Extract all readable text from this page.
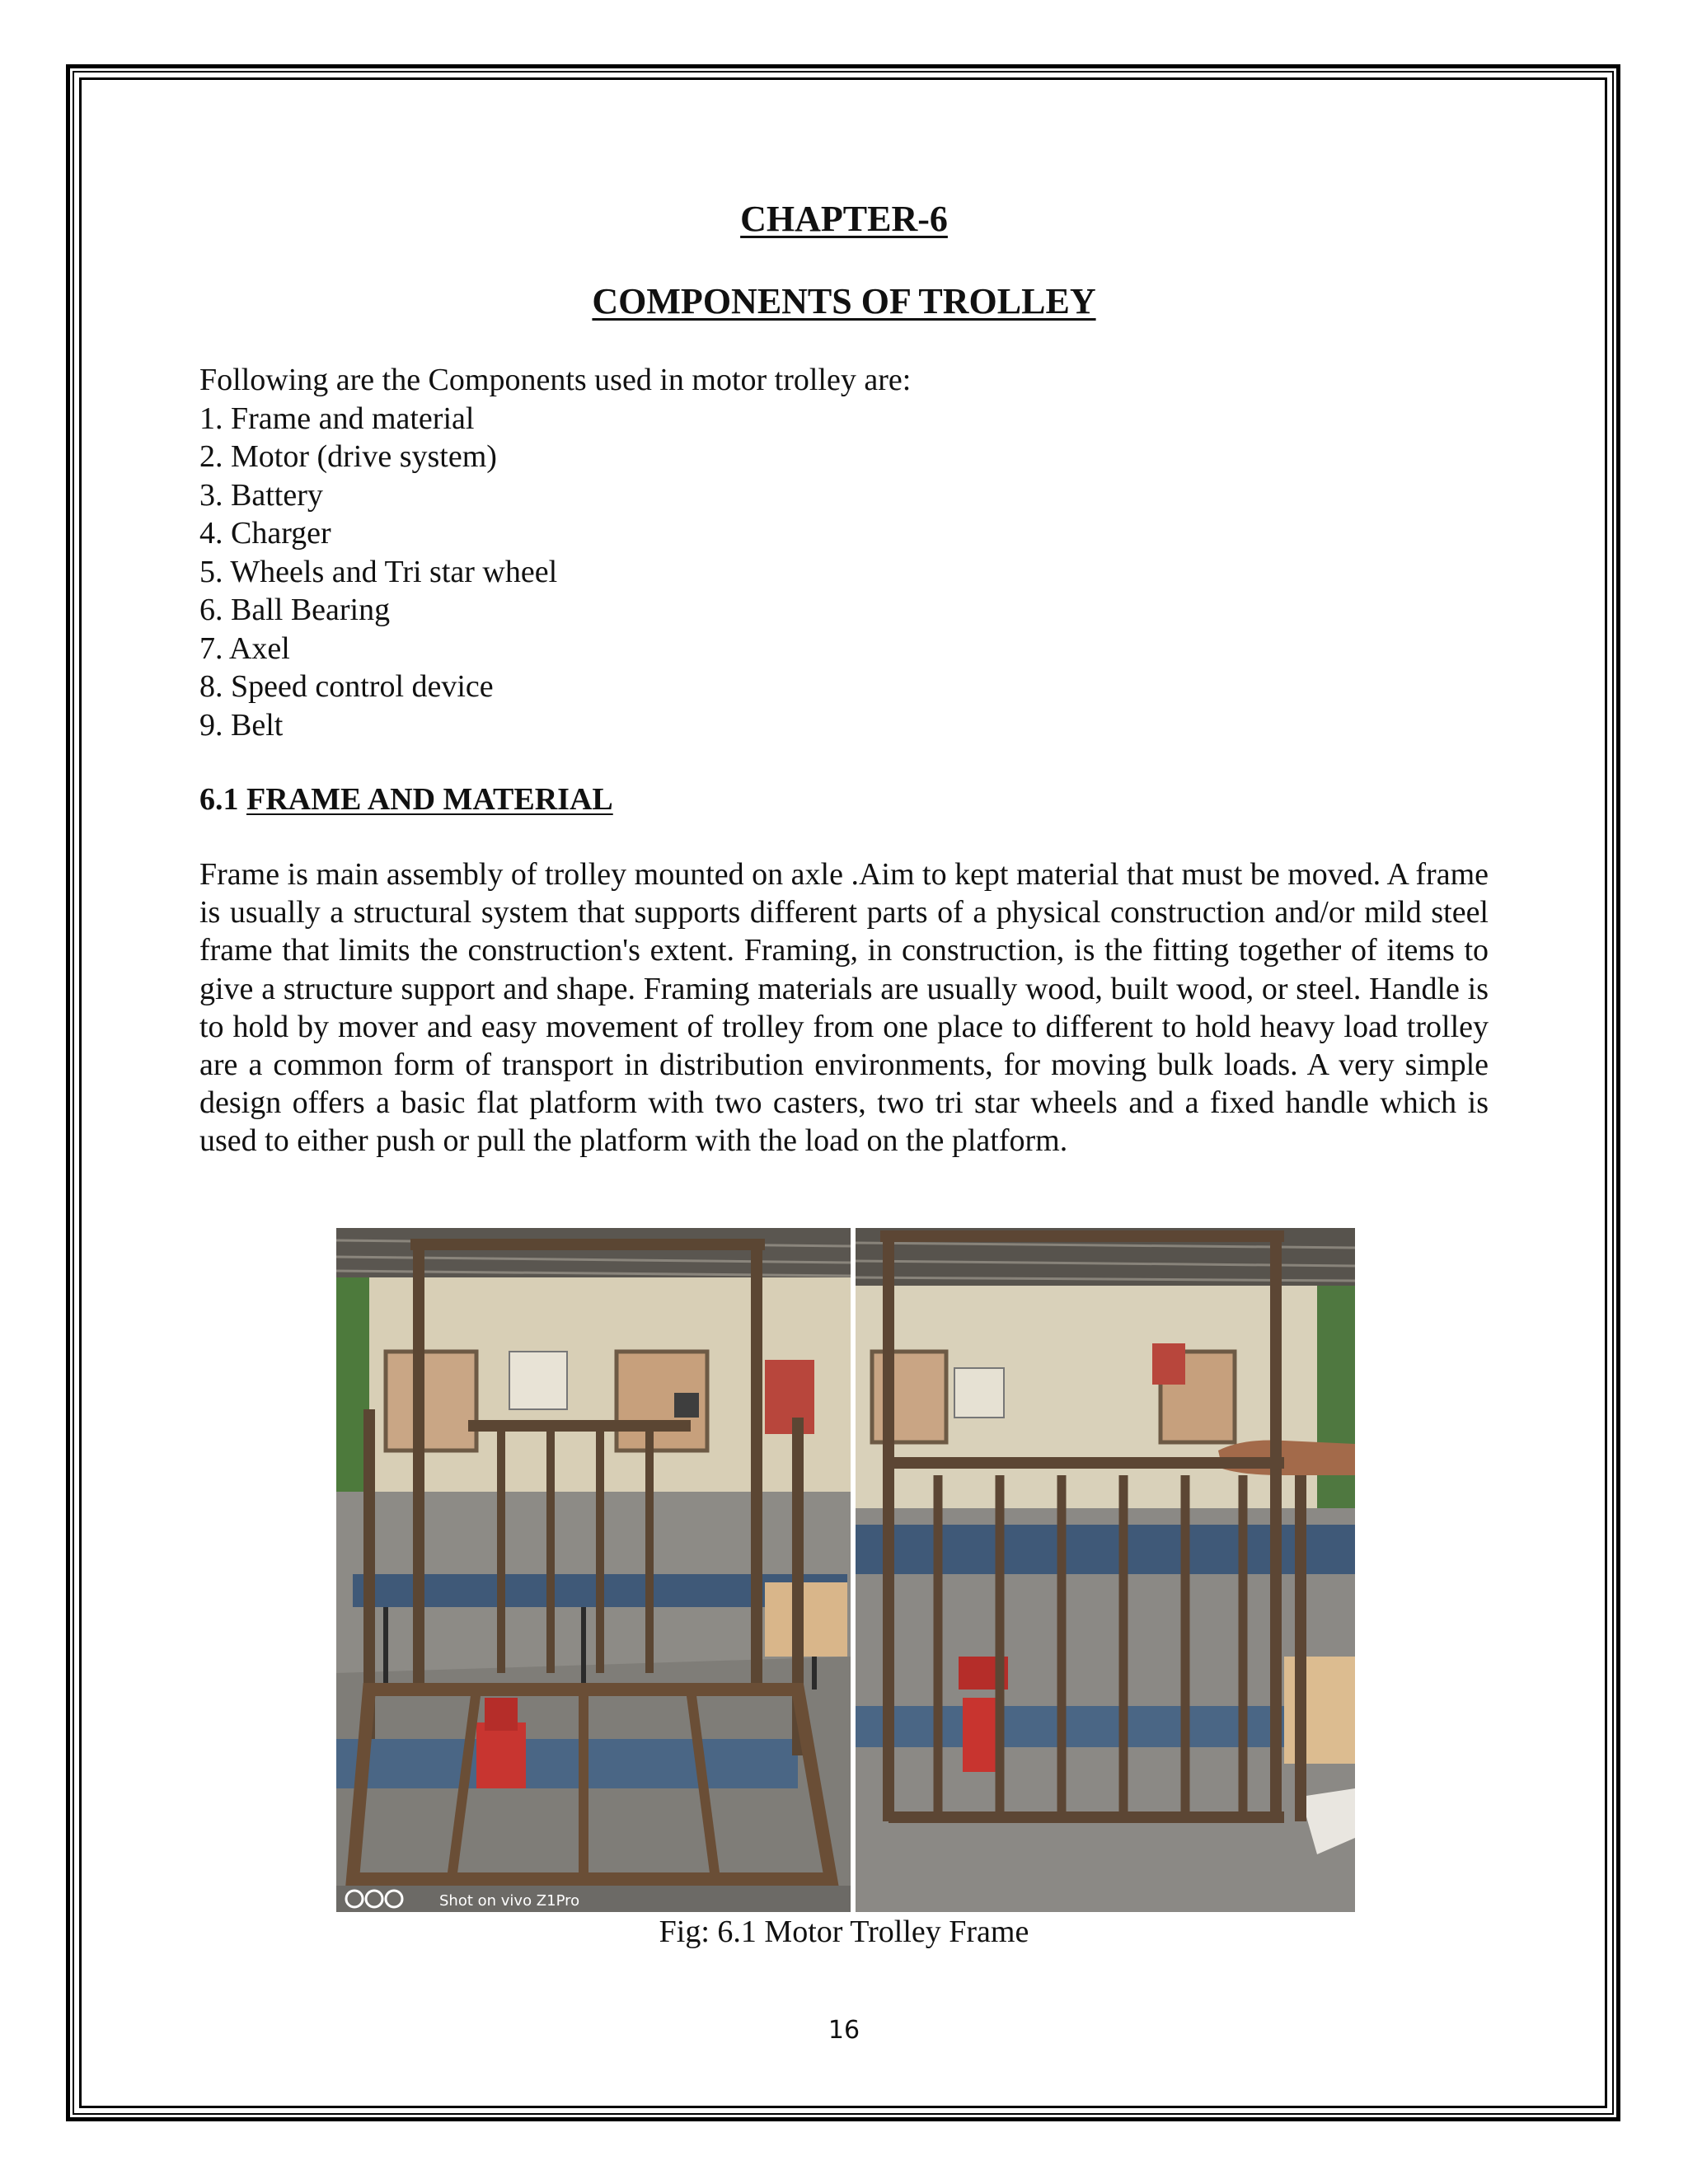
CHAPTER-6
COMPONENTS OF TROLLEY
Following are the Components used in motor trolley are:
1. Frame and material
2. Motor (drive system)
3. Battery
4. Charger
5. Wheels and Tri star wheel
6. Ball Bearing
7. Axel
8. Speed control device
9. Belt
6.1 FRAME AND MATERIAL

Frame is main assembly of trolley mounted on axle .Aim to kept material that must be moved. A frame is usually a structural system that supports different parts of a physical construction and/or mild steel frame that limits the construction's extent. Framing, in construction, is the fitting together of items to give a structure support and shape. Framing materials are usually wood, built wood, or steel. Handle is to hold by mover and easy movement of trolley from one place to different to hold heavy load trolley are a common form of transport in distribution environments, for moving bulk loads. A very simple design offers a basic flat platform with two casters, two tri star wheels and a fixed handle which is used to either push or pull the platform with the load on the platform.

Shot on vivo Z1Pro
Fig: 6.1 Motor Trolley Frame
16
